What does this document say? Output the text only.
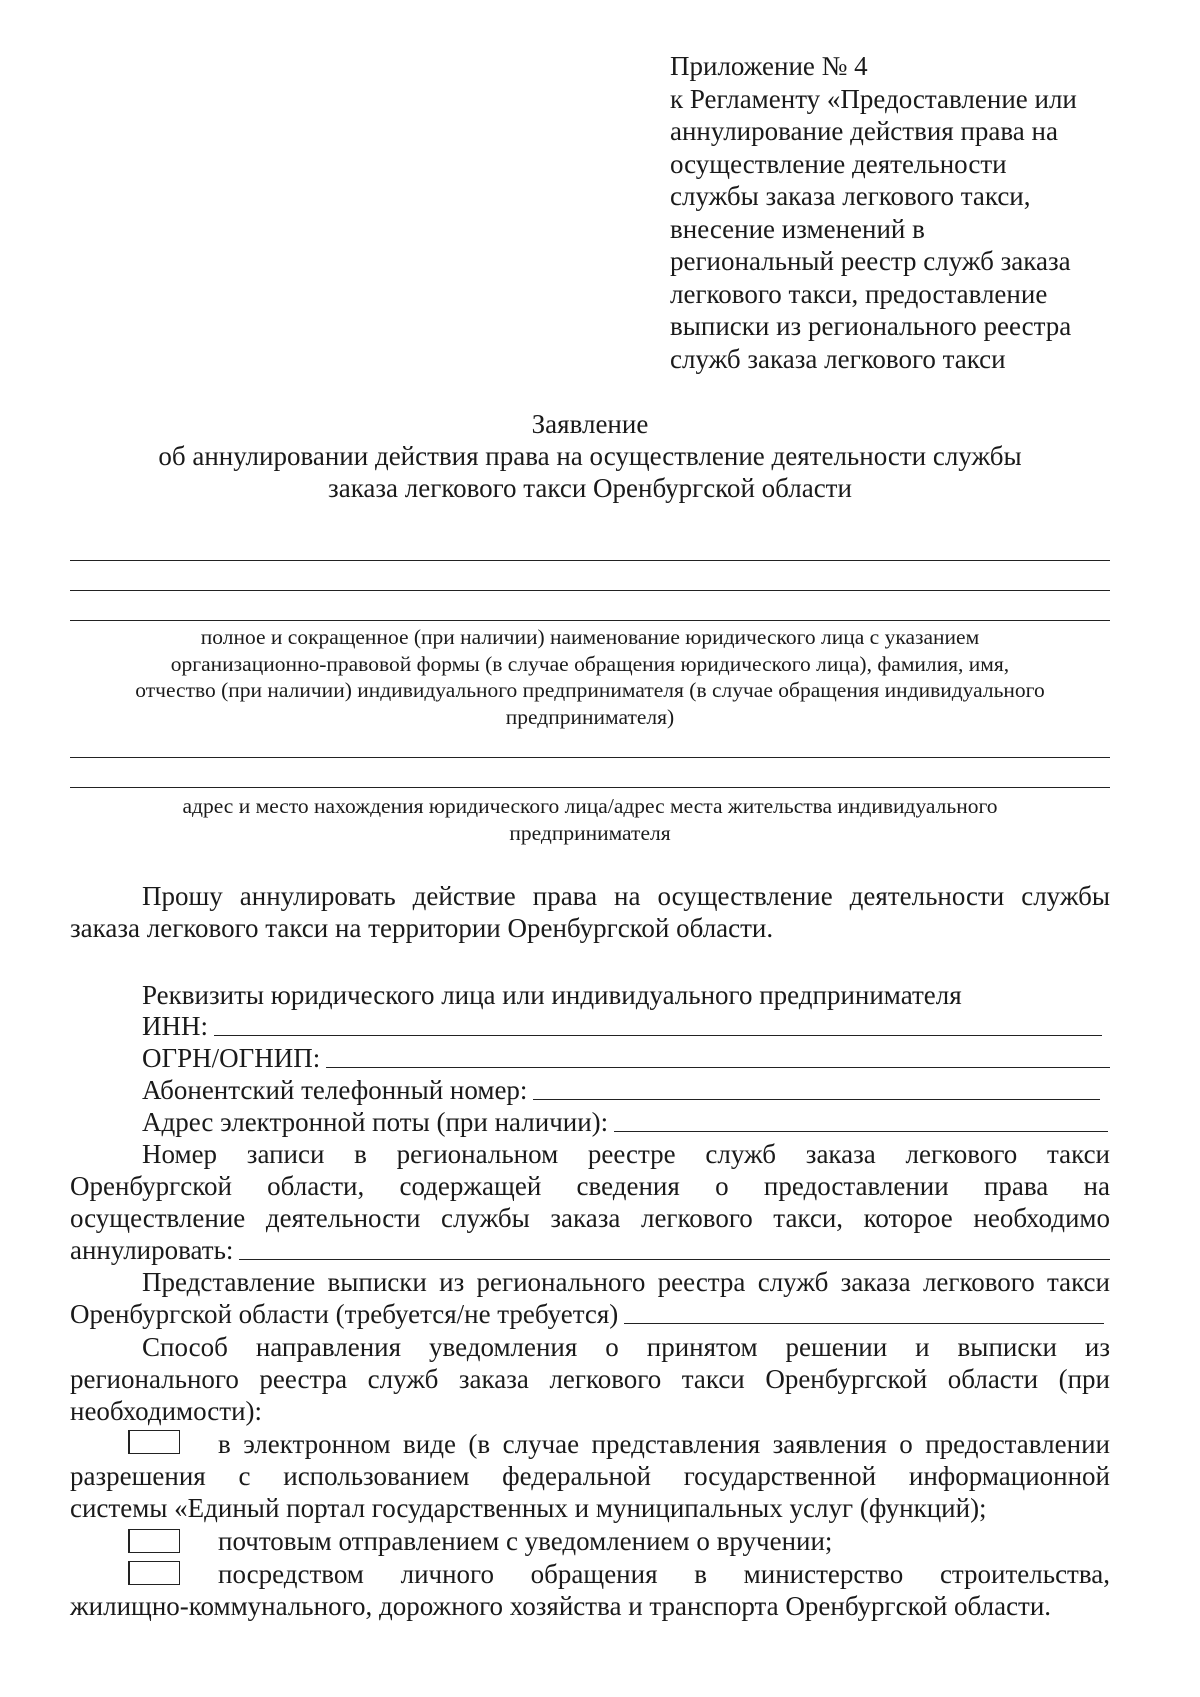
Приложение № 4
к Регламенту «Предоставление или
аннулирование действия права на
осуществление деятельности
службы заказа легкового такси,
внесение изменений в
региональный реестр служб заказа
легкового такси, предоставление
выписки из регионального реестра
служб заказа легкового такси
Заявление
об аннулировании действия права на осуществление деятельности службы
заказа легкового такси Оренбургской области
полное и сокращенное (при наличии) наименование юридического лица с указанием
организационно-правовой формы (в случае обращения юридического лица), фамилия, имя,
отчество (при наличии) индивидуального предпринимателя (в случае обращения индивидуального
предпринимателя)
адрес и место нахождения юридического лица/адрес места жительства индивидуального
предпринимателя
Прошу аннулировать действие права на осуществление деятельности службы
заказа легкового такси на территории Оренбургской области.
Реквизиты юридического лица или индивидуального предпринимателя
ИНН:
ОГРН/ОГНИП:
Абонентский телефонный номер:
Адрес электронной поты (при наличии):
Номер записи в региональном реестре служб заказа легкового такси
Оренбургской области, содержащей сведения о предоставлении права на
осуществление деятельности службы заказа легкового такси, которое необходимо
аннулировать:
Представление выписки из регионального реестра служб заказа легкового такси
Оренбургской области (требуется/не требуется)
Способ направления уведомления о принятом решении и выписки из
регионального реестра служб заказа легкового такси Оренбургской области (при
необходимости):
в электронном виде (в случае представления заявления о предоставлении
разрешения с использованием федеральной государственной информационной
системы «Единый портал государственных и муниципальных услуг (функций);
почтовым отправлением с уведомлением о вручении;
посредством личного обращения в министерство строительства,
жилищно-коммунального, дорожного хозяйства и транспорта Оренбургской области.
